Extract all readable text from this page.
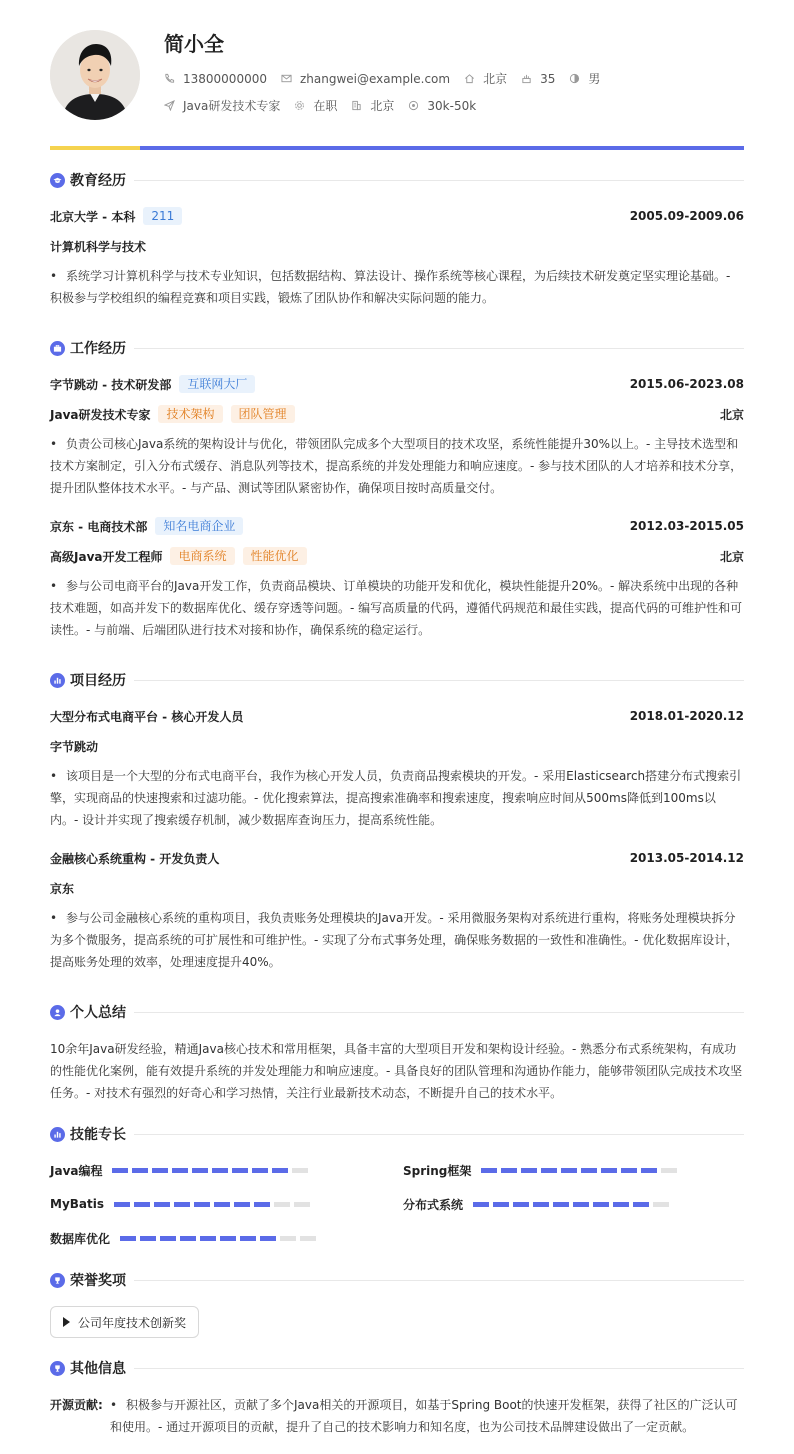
简小全
13800000000	zhangwei@example.com	北京	35	男
Java研发技术专家	在职	北京	30k-50k
教育经历
北京大学 - 本科	211	2005.09-2009.06
计算机科学与技术
• 系统学习计算机科学与技术专业知识，包括数据结构、算法设计、操作系统等核心课程，为后续技术研发奠定坚实理论基础。- 积极参与学校组织的编程竞赛和项目实践，锻炼了团队协作和解决实际问题的能力。
工作经历
字节跳动 - 技术研发部	互联网大厂	2015.06-2023.08
Java研发技术专家	技术架构	团队管理	北京
• 负责公司核心Java系统的架构设计与优化，带领团队完成多个大型项目的技术攻坚，系统性能提升30%以上。- 主导技术选型和技术方案制定，引入分布式缓存、消息队列等技术，提高系统的并发处理能力和响应速度。- 参与技术团队的人才培养和技术分享，提升团队整体技术水平。- 与产品、测试等团队紧密协作，确保项目按时高质量交付。
京东 - 电商技术部	知名电商企业	2012.03-2015.05
高级Java开发工程师	电商系统	性能优化	北京
• 参与公司电商平台的Java开发工作，负责商品模块、订单模块的功能开发和优化，模块性能提升20%。- 解决系统中出现的各种技术难题，如高并发下的数据库优化、缓存穿透等问题。- 编写高质量的代码，遵循代码规范和最佳实践，提高代码的可维护性和可读性。- 与前端、后端团队进行技术对接和协作，确保系统的稳定运行。
项目经历
大型分布式电商平台 - 核心开发人员	2018.01-2020.12
字节跳动
• 该项目是一个大型的分布式电商平台，我作为核心开发人员，负责商品搜索模块的开发。- 采用Elasticsearch搭建分布式搜索引擎，实现商品的快速搜索和过滤功能。- 优化搜索算法，提高搜索准确率和搜索速度，搜索响应时间从500ms降低到100ms以内。- 设计并实现了搜索缓存机制，减少数据库查询压力，提高系统性能。
金融核心系统重构 - 开发负责人	2013.05-2014.12
京东
• 参与公司金融核心系统的重构项目，我负责账务处理模块的Java开发。- 采用微服务架构对系统进行重构，将账务处理模块拆分为多个微服务，提高系统的可扩展性和可维护性。- 实现了分布式事务处理，确保账务数据的一致性和准确性。- 优化数据库设计，提高账务处理的效率，处理速度提升40%。
个人总结
10余年Java研发经验，精通Java核心技术和常用框架，具备丰富的大型项目开发和架构设计经验。- 熟悉分布式系统架构，有成功的性能优化案例，能有效提升系统的并发处理能力和响应速度。- 具备良好的团队管理和沟通协作能力，能够带领团队完成技术攻坚任务。- 对技术有强烈的好奇心和学习热情，关注行业最新技术动态，不断提升自己的技术水平。
技能专长
Java编程	Spring框架
MyBatis	分布式系统
数据库优化
荣誉奖项
公司年度技术创新奖
其他信息
开源贡献: • 积极参与开源社区，贡献了多个Java相关的开源项目，如基于Spring Boot的快速开发框架，获得了社区的广泛认可和使用。- 通过开源项目的贡献，提升了自己的技术影响力和知名度，也为公司技术品牌建设做出了一定贡献。
